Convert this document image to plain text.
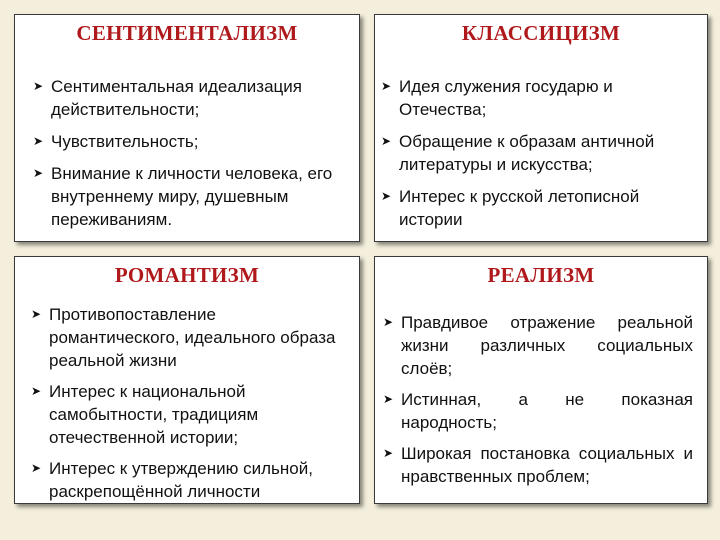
СЕНТИМЕНТАЛИЗМ
➤ Сентиментальная идеализация действительности;
➤ Чувствительность;
➤ Внимание к личности человека, его внутреннему миру, душевным переживаниям.
КЛАССИЦИЗМ
➤ Идея служения государю и Отечества;
➤ Обращение к образам античной литературы и искусства;
➤ Интерес к русской летописной истории
РОМАНТИЗМ
➤ Противопоставление романтического, идеального образа реальной жизни
➤ Интерес к национальной самобытности, традициям отечественной истории;
➤ Интерес к утверждению сильной, раскрепощённой личности
РЕАЛИЗМ
➤ Правдивое отражение реальной жизни различных социальных слоёв;
➤ Истинная, а не показная народность;
➤ Широкая постановка социальных и нравственных проблем;
